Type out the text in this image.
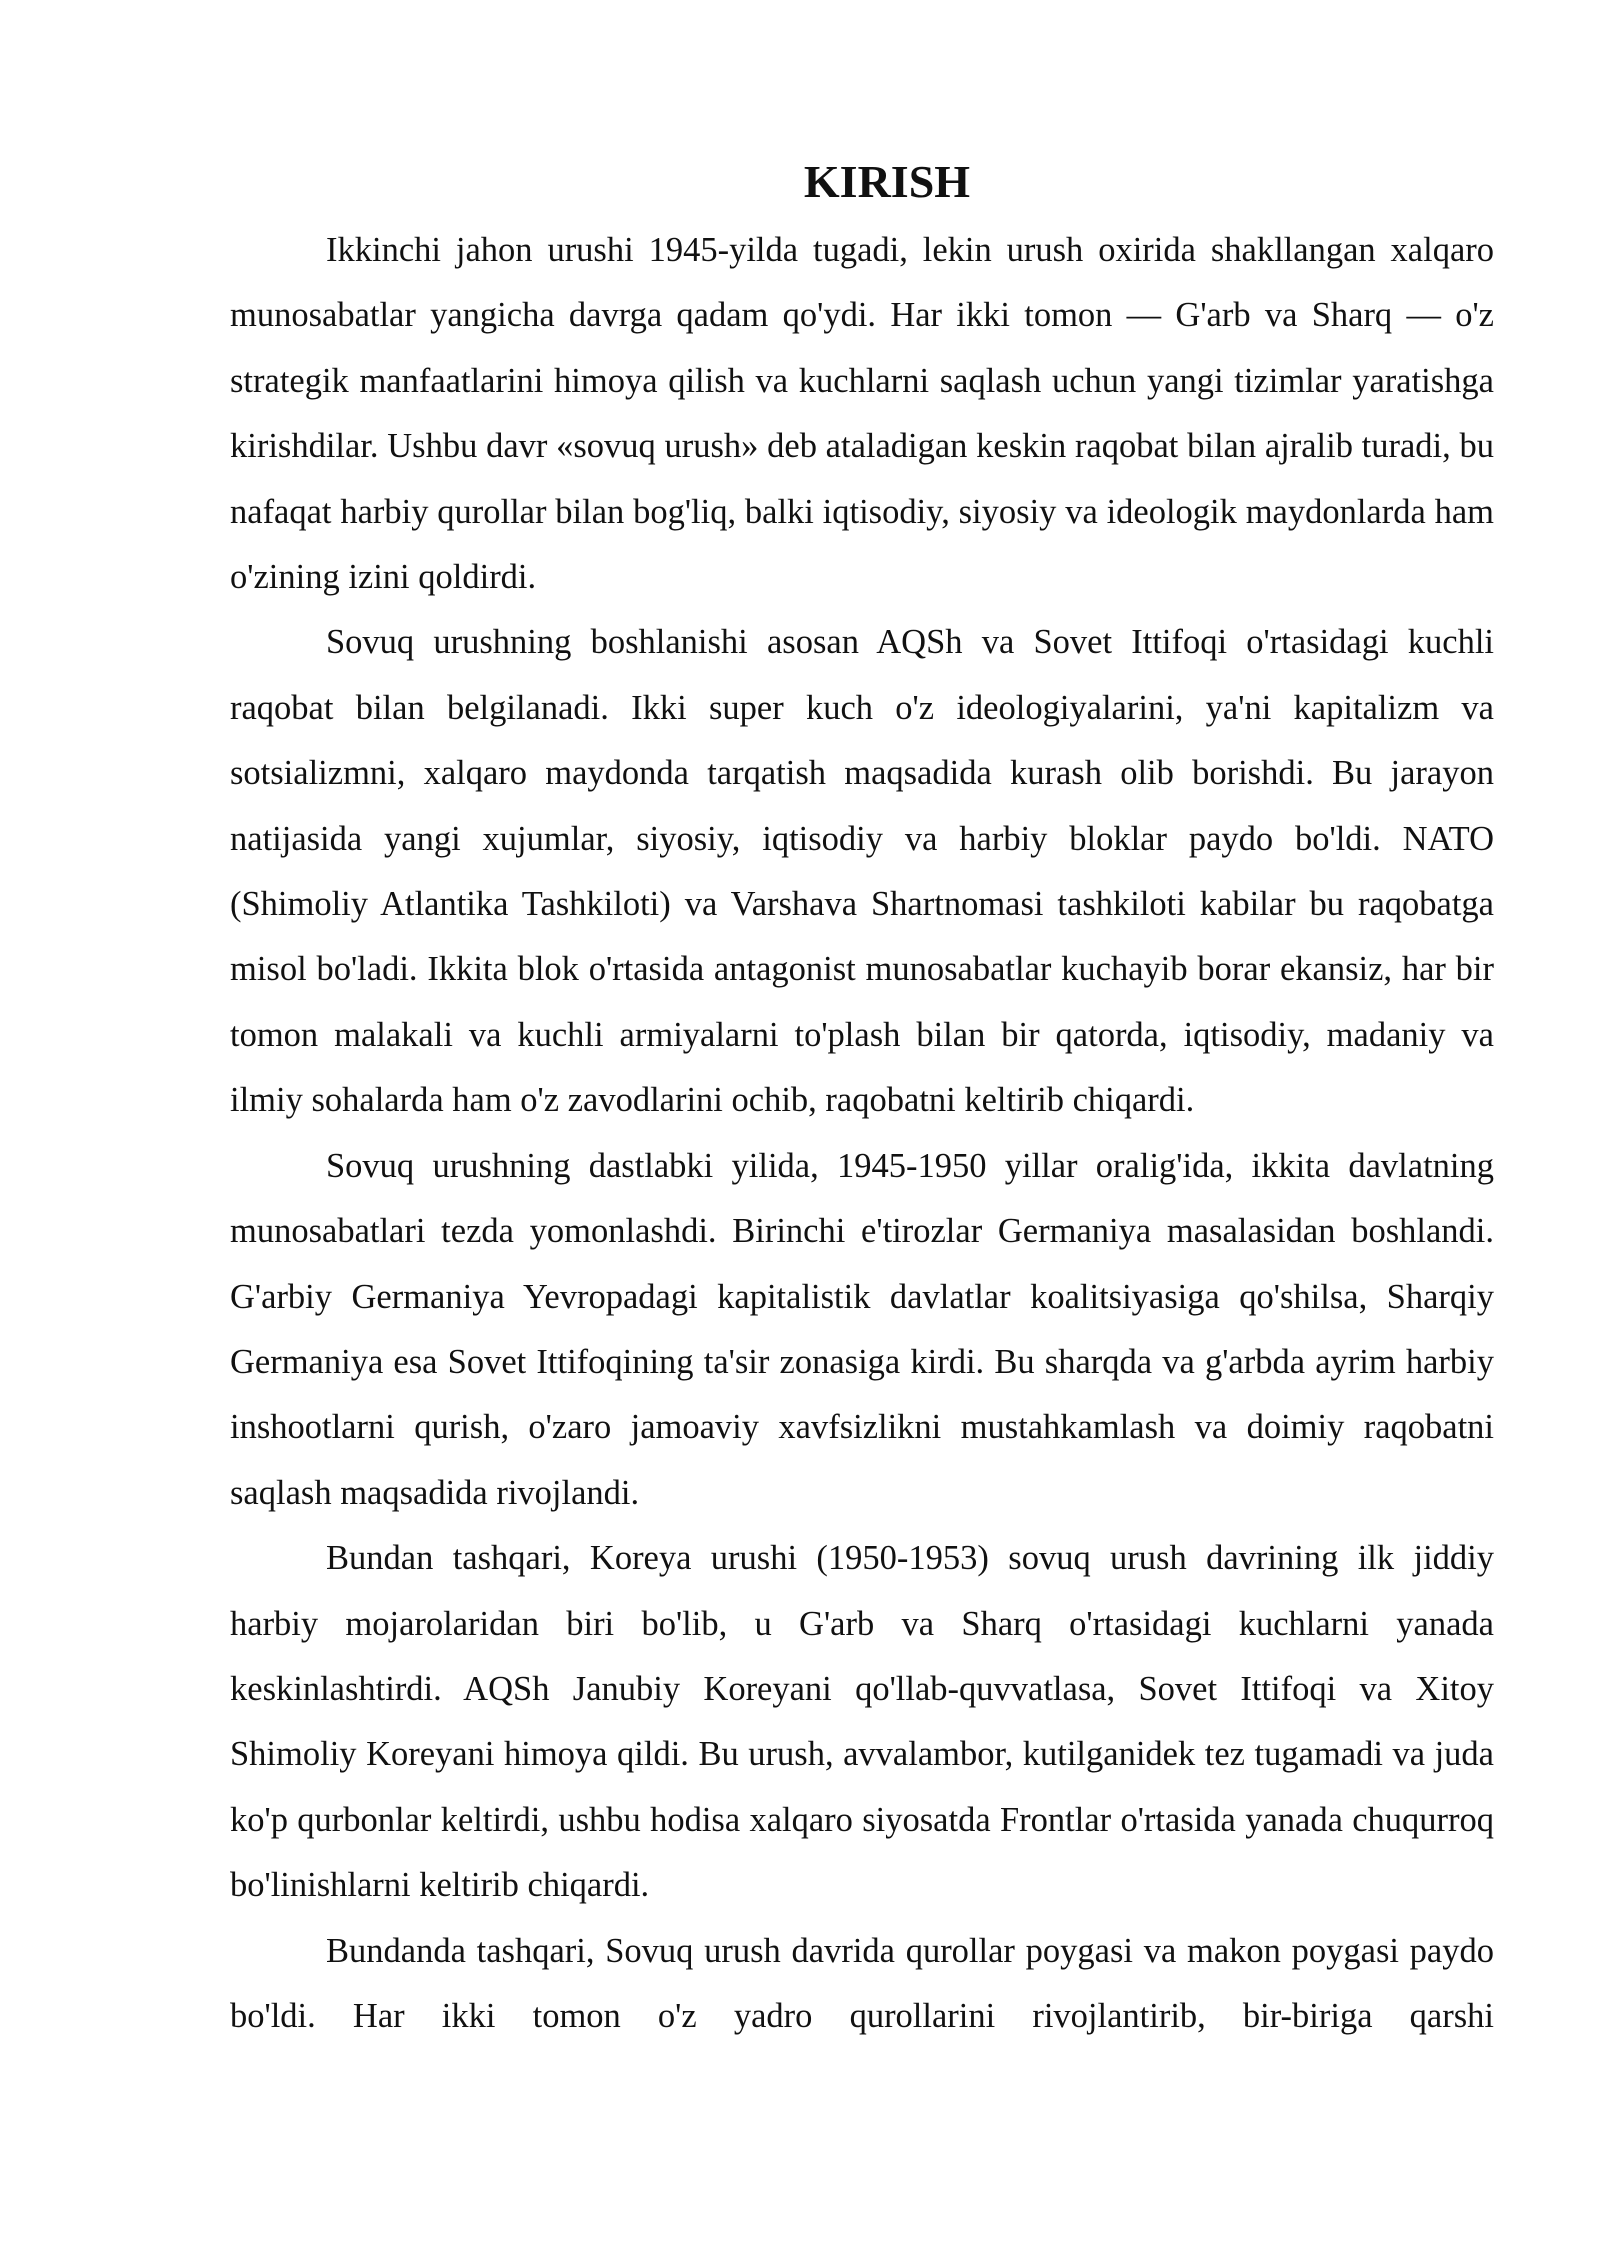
KIRISH

Ikkinchi jahon urushi 1945-yilda tugadi, lekin urush oxirida shakllangan xalqaro munosabatlar yangicha davrga qadam qo'ydi. Har ikki tomon — G'arb va Sharq — o'z strategik manfaatlarini himoya qilish va kuchlarni saqlash uchun yangi tizimlar yaratishga kirishdilar. Ushbu davr «sovuq urush» deb ataladigan keskin raqobat bilan ajralib turadi, bu nafaqat harbiy qurollar bilan bog'liq, balki iqtisodiy, siyosiy va ideologik maydonlarda ham o'zining izini qoldirdi.

Sovuq urushning boshlanishi asosan AQSh va Sovet Ittifoqi o'rtasidagi kuchli raqobat bilan belgilanadi. Ikki super kuch o'z ideologiyalarini, ya'ni kapitalizm va sotsializmni, xalqaro maydonda tarqatish maqsadida kurash olib borishdi. Bu jarayon natijasida yangi xujumlar, siyosiy, iqtisodiy va harbiy bloklar paydo bo'ldi. NATO (Shimoliy Atlantika Tashkiloti) va Varshava Shartnomasi tashkiloti kabilar bu raqobatga misol bo'ladi. Ikkita blok o'rtasida antagonist munosabatlar kuchayib borar ekansiz, har bir tomon malakali va kuchli armiyalarni to'plash bilan bir qatorda, iqtisodiy, madaniy va ilmiy sohalarda ham o'z zavodlarini ochib, raqobatni keltirib chiqardi.

Sovuq urushning dastlabki yilida, 1945-1950 yillar oralig'ida, ikkita davlatning munosabatlari tezda yomonlashdi. Birinchi e'tirozlar Germaniya masalasidan boshlandi. G'arbiy Germaniya Yevropadagi kapitalistik davlatlar koalitsiyasiga qo'shilsa, Sharqiy Germaniya esa Sovet Ittifoqining ta'sir zonasiga kirdi. Bu sharqda va g'arbda ayrim harbiy inshootlarni qurish, o'zaro jamoaviy xavfsizlikni mustahkamlash va doimiy raqobatni saqlash maqsadida rivojlandi.

Bundan tashqari, Koreya urushi (1950-1953) sovuq urush davrining ilk jiddiy harbiy mojarolaridan biri bo'lib, u G'arb va Sharq o'rtasidagi kuchlarni yanada keskinlashtirdi. AQSh Janubiy Koreyani qo'llab-quvvatlasa, Sovet Ittifoqi va Xitoy Shimoliy Koreyani himoya qildi. Bu urush, avvalambor, kutilganidek tez tugamadi va juda ko'p qurbonlar keltirdi, ushbu hodisa xalqaro siyosatda Frontlar o'rtasida yanada chuqurroq bo'linishlarni keltirib chiqardi.

Bundanda tashqari, Sovuq urush davrida qurollar poygasi va makon poygasi paydo bo'ldi. Har ikki tomon o'z yadro qurollarini rivojlantirib, bir-biriga qarshi
